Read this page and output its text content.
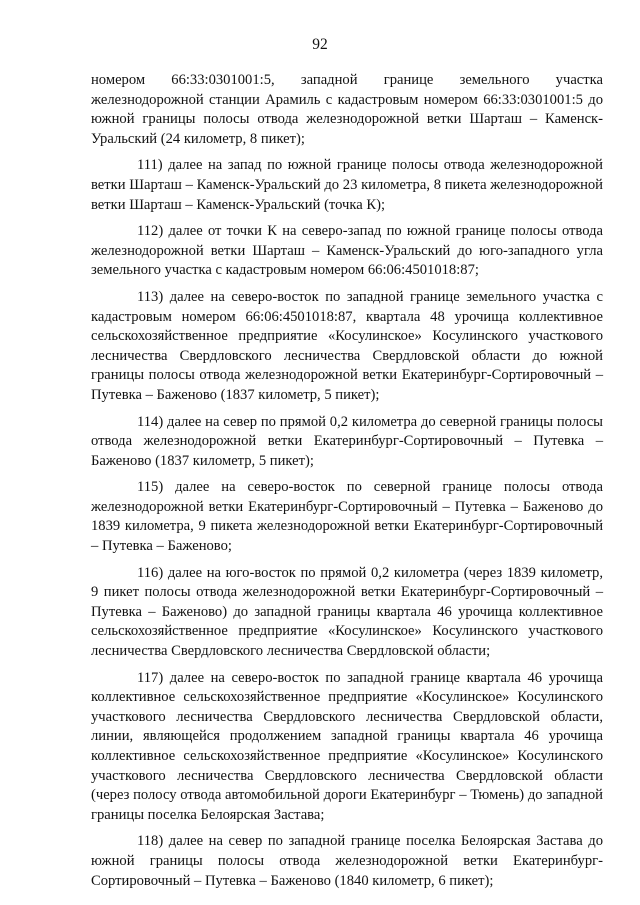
92

номером 66:33:0301001:5, западной границе земельного участка железнодорожной станции Арамиль с кадастровым номером 66:33:0301001:5 до южной границы полосы отвода железнодорожной ветки Шарташ – Каменск-Уральский (24 километр, 8 пикет);

111) далее на запад по южной границе полосы отвода железнодорожной ветки Шарташ – Каменск-Уральский до 23 километра, 8 пикета железнодорожной ветки Шарташ – Каменск-Уральский (точка К);

112) далее от точки К на северо-запад по южной границе полосы отвода железнодорожной ветки Шарташ – Каменск-Уральский до юго-западного угла земельного участка с кадастровым номером 66:06:4501018:87;

113) далее на северо-восток по западной границе земельного участка с кадастровым номером 66:06:4501018:87, квартала 48 урочища коллективное сельскохозяйственное предприятие «Косулинское» Косулинского участкового лесничества Свердловского лесничества Свердловской области до южной границы полосы отвода железнодорожной ветки Екатеринбург-Сортировочный – Путевка – Баженово (1837 километр, 5 пикет);

114) далее на север по прямой 0,2 километра до северной границы полосы отвода железнодорожной ветки Екатеринбург-Сортировочный – Путевка – Баженово (1837 километр, 5 пикет);

115) далее на северо-восток по северной границе полосы отвода железнодорожной ветки Екатеринбург-Сортировочный – Путевка – Баженово до 1839 километра, 9 пикета железнодорожной ветки Екатеринбург-Сортировочный – Путевка – Баженово;

116) далее на юго-восток по прямой 0,2 километра (через 1839 километр, 9 пикет полосы отвода железнодорожной ветки Екатеринбург-Сортировочный – Путевка – Баженово) до западной границы квартала 46 урочища коллективное сельскохозяйственное предприятие «Косулинское» Косулинского участкового лесничества Свердловского лесничества Свердловской области;

117) далее на северо-восток по западной границе квартала 46 урочища коллективное сельскохозяйственное предприятие «Косулинское» Косулинского участкового лесничества Свердловского лесничества Свердловской области, линии, являющейся продолжением западной границы квартала 46 урочища коллективное сельскохозяйственное предприятие «Косулинское» Косулинского участкового лесничества Свердловского лесничества Свердловской области (через полосу отвода автомобильной дороги Екатеринбург – Тюмень) до западной границы поселка Белоярская Застава;

118) далее на север по западной границе поселка Белоярская Застава до южной границы полосы отвода железнодорожной ветки Екатеринбург-Сортировочный – Путевка – Баженово (1840 километр, 6 пикет);
